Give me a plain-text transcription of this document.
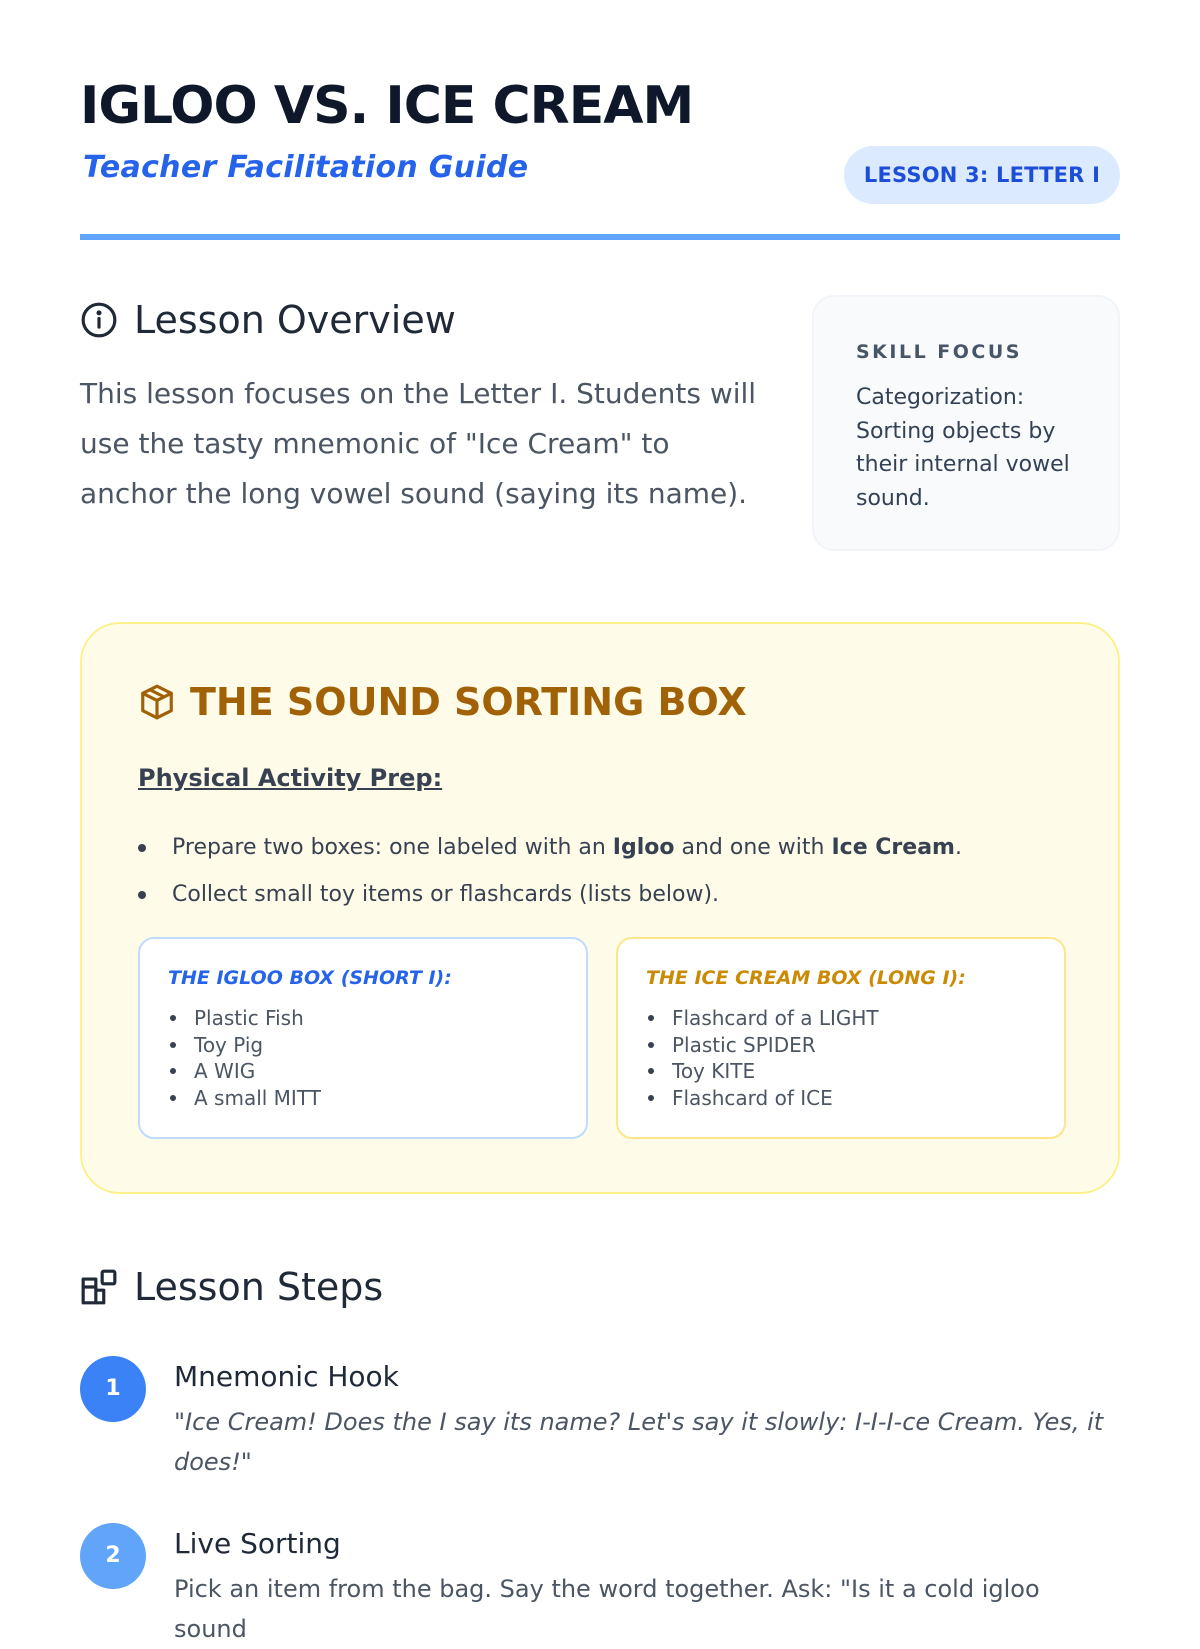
IGLOO VS. ICE CREAM
Teacher Facilitation Guide	LESSON 3: LETTER I
Lesson Overview
This lesson focuses on the Letter I. Students will use the tasty mnemonic of "Ice Cream" to anchor the long vowel sound (saying its name).
SKILL FOCUS
Categorization: Sorting objects by their internal vowel sound.
THE SOUND SORTING BOX
Physical Activity Prep:
Prepare two boxes: one labeled with an Igloo and one with Ice Cream.
Collect small toy items or flashcards (lists below).
THE IGLOO BOX (SHORT I):
Plastic Fish
Toy Pig
A WIG
A small MITT
THE ICE CREAM BOX (LONG I):
Flashcard of a LIGHT
Plastic SPIDER
Toy KITE
Flashcard of ICE
Lesson Steps
1	Mnemonic Hook
"Ice Cream! Does the I say its name? Let's say it slowly: I-I-I-ce Cream. Yes, it does!"
2	Live Sorting
Pick an item from the bag. Say the word together. Ask: "Is it a cold igloo sound
